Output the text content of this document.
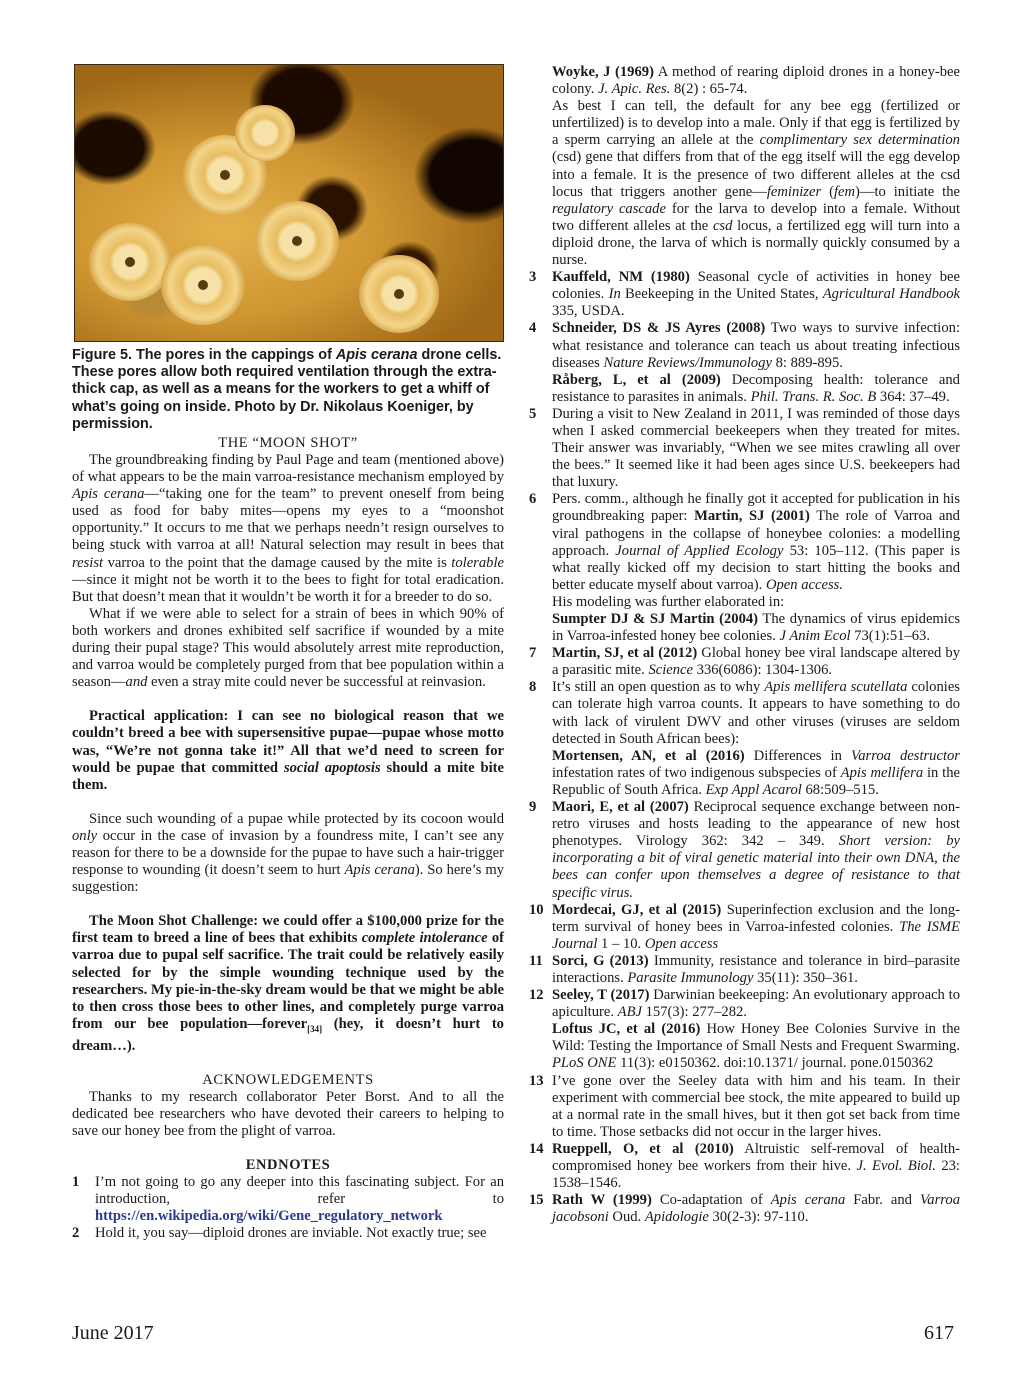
Figure 5. The pores in the cappings of Apis cerana drone cells. These pores allow both required ventilation through the extra-thick cap, as well as a means for the workers to get a whiff of what’s going on inside. Photo by Dr. Nikolaus Koeniger, by permission.
THE “MOON SHOT”

The groundbreaking finding by Paul Page and team (mentioned above) of what appears to be the main varroa-resistance mechanism employed by Apis cerana—“taking one for the team” to prevent oneself from being used as food for baby mites—opens my eyes to a “moonshot opportunity.” It occurs to me that we perhaps needn’t resign ourselves to being stuck with varroa at all! Natural selection may result in bees that resist varroa to the point that the damage caused by the mite is tolerable—since it might not be worth it to the bees to fight for total eradication. But that doesn’t mean that it wouldn’t be worth it for a breeder to do so.

What if we were able to select for a strain of bees in which 90% of both workers and drones exhibited self sacrifice if wounded by a mite during their pupal stage? This would absolutely arrest mite reproduction, and varroa would be completely purged from that bee population within a season—and even a stray mite could never be successful at reinvasion.

Practical application: I can see no biological reason that we couldn’t breed a bee with supersensitive pupae—pupae whose motto was, “We’re not gonna take it!” All that we’d need to screen for would be pupae that committed social apoptosis should a mite bite them.

Since such wounding of a pupae while protected by its cocoon would only occur in the case of invasion by a foundress mite, I can’t see any reason for there to be a downside for the pupae to have such a hair-trigger response to wounding (it doesn’t seem to hurt Apis cerana). So here’s my suggestion:

The Moon Shot Challenge: we could offer a $100,000 prize for the first team to breed a line of bees that exhibits complete intolerance of varroa due to pupal self sacrifice. The trait could be relatively easily selected for by the simple wounding technique used by the researchers. My pie-in-the-sky dream would be that we might be able to then cross those bees to other lines, and completely purge varroa from our bee population—forever$_{[34]}$ (hey, it doesn’t hurt to dream…).

ACKNOWLEDGEMENTS

Thanks to my research collaborator Peter Borst. And to all the dedicated bee researchers who have devoted their careers to helping to save our honey bee from the plight of varroa.

ENDNOTES
1	I’m not going to go any deeper into this fascinating subject. For an introduction, refer to https://en.wikipedia.org/wiki/Gene_regulatory_network
2	Hold it, you say—diploid drones are inviable. Not exactly true; see
Woyke, J (1969) A method of rearing diploid drones in a honey-bee colony. J. Apic. Res. 8(2) : 65-74.
As best I can tell, the default for any bee egg (fertilized or unfertilized) is to develop into a male. Only if that egg is fertilized by a sperm carrying an allele at the complimentary sex determination (csd) gene that differs from that of the egg itself will the egg develop into a female. It is the presence of two different alleles at the csd locus that triggers another gene—feminizer (fem)—to initiate the regulatory cascade for the larva to develop into a female. Without two different alleles at the csd locus, a fertilized egg will turn into a diploid drone, the larva of which is normally quickly consumed by a nurse.
3	Kauffeld, NM (1980) Seasonal cycle of activities in honey bee colonies. In Beekeeping in the United States, Agricultural Handbook 335, USDA.
4	Schneider, DS & JS Ayres (2008) Two ways to survive infection: what resistance and tolerance can teach us about treating infectious diseases Nature Reviews/Immunology 8: 889-895.
Råberg, L, et al (2009) Decomposing health: tolerance and resistance to parasites in animals. Phil. Trans. R. Soc. B 364: 37–49.
5	During a visit to New Zealand in 2011, I was reminded of those days when I asked commercial beekeepers when they treated for mites. Their answer was invariably, “When we see mites crawling all over the bees.” It seemed like it had been ages since U.S. beekeepers had that luxury.
6	Pers. comm., although he finally got it accepted for publication in his groundbreaking paper: Martin, SJ (2001) The role of Varroa and viral pathogens in the collapse of honeybee colonies: a modelling approach. Journal of Applied Ecology 53: 105–112. (This paper is what really kicked off my decision to start hitting the books and better educate myself about varroa). Open access.
His modeling was further elaborated in:
Sumpter DJ & SJ Martin (2004) The dynamics of virus epidemics in Varroa-infested honey bee colonies. J Anim Ecol 73(1):51–63.
7	Martin, SJ, et al (2012) Global honey bee viral landscape altered by a parasitic mite. Science 336(6086): 1304-1306.
8	It’s still an open question as to why Apis mellifera scutellata colonies can tolerate high varroa counts. It appears to have something to do with lack of virulent DWV and other viruses (viruses are seldom detected in South African bees):
Mortensen, AN, et al (2016) Differences in Varroa destructor infestation rates of two indigenous subspecies of Apis mellifera in the Republic of South Africa. Exp Appl Acarol 68:509–515.
9	Maori, E, et al (2007) Reciprocal sequence exchange between non-retro viruses and hosts leading to the appearance of new host phenotypes. Virology 362: 342 – 349. Short version: by incorporating a bit of viral genetic material into their own DNA, the bees can confer upon themselves a degree of resistance to that specific virus.
10 Mordecai, GJ, et al (2015) Superinfection exclusion and the long-term survival of honey bees in Varroa-infested colonies. The ISME Journal 1 – 10. Open access
11 Sorci, G (2013) Immunity, resistance and tolerance in bird–parasite interactions. Parasite Immunology 35(11): 350–361.
12 Seeley, T (2017) Darwinian beekeeping: An evolutionary approach to apiculture. ABJ 157(3): 277–282.
Loftus JC, et al (2016) How Honey Bee Colonies Survive in the Wild: Testing the Importance of Small Nests and Frequent Swarming. PLoS ONE 11(3): e0150362. doi:10.1371/ journal. pone.0150362
13 I’ve gone over the Seeley data with him and his team. In their experiment with commercial bee stock, the mite appeared to build up at a normal rate in the small hives, but it then got set back from time to time. Those setbacks did not occur in the larger hives.
14 Rueppell, O, et al (2010) Altruistic self-removal of health-compromised honey bee workers from their hive. J. Evol. Biol. 23: 1538–1546.
15 Rath W (1999) Co-adaptation of Apis cerana Fabr. and Varroa jacobsoni Oud. Apidologie 30(2-3): 97-110.
June 2017	617
